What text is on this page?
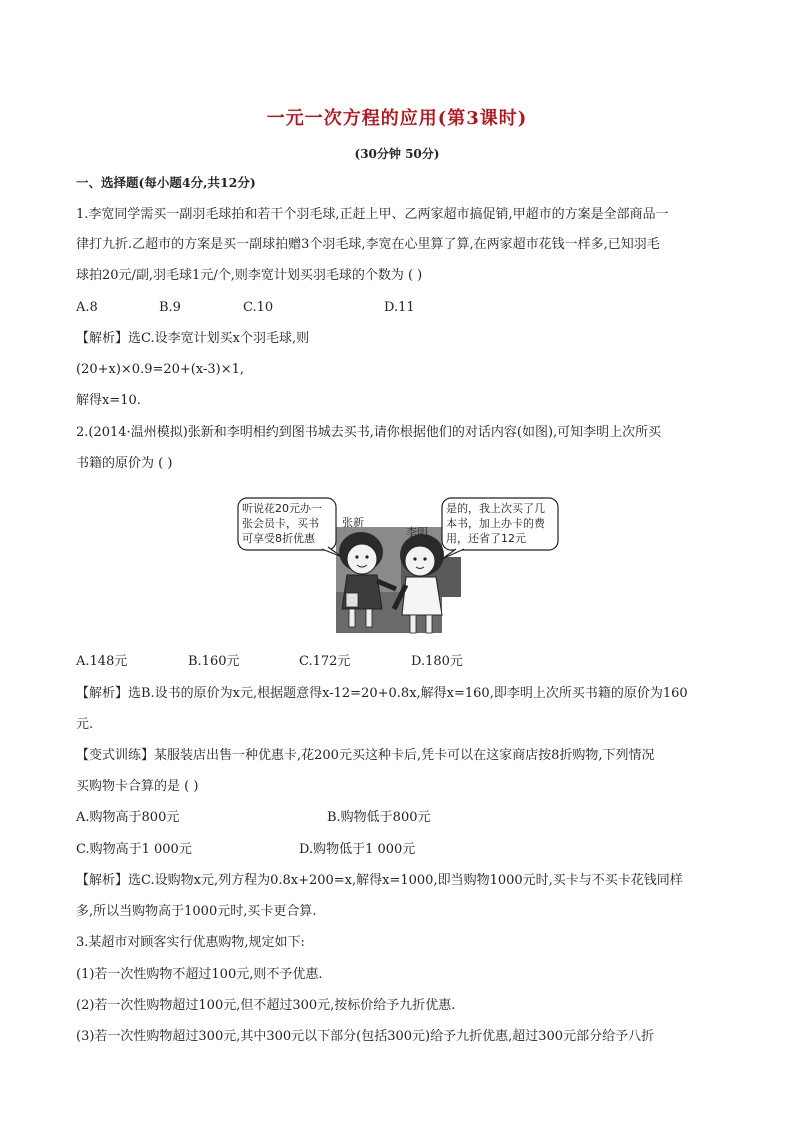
一元一次方程的应用(第3课时)
(30分钟 50分)
一、选择题(每小题4分,共12分)
1.李宽同学需买一副羽毛球拍和若干个羽毛球,正赶上甲、乙两家超市搞促销,甲超市的方案是全部商品一
律打九折.乙超市的方案是买一副球拍赠3个羽毛球,李宽在心里算了算,在两家超市花钱一样多,已知羽毛
球拍20元/副,羽毛球1元/个,则李宽计划买羽毛球的个数为 ( )
A.8	B.9	C.10	D.11
【解析】选C.设李宽计划买x个羽毛球,则
(20+x)×0.9=20+(x-3)×1,
解得x=10.
2.(2014·温州模拟)张新和李明相约到图书城去买书,请你根据他们的对话内容(如图),可知李明上次所买
书籍的原价为 ( )
听说花20元办一
张会员卡，买书
可享受8折优惠
是的，我上次买了几
本书，加上办卡的费
用，还省了12元
张新
李明
A.148元	B.160元	C.172元	D.180元
【解析】选B.设书的原价为x元,根据题意得x-12=20+0.8x,解得x=160,即李明上次所买书籍的原价为160
元.
【变式训练】某服装店出售一种优惠卡,花200元买这种卡后,凭卡可以在这家商店按8折购物,下列情况
买购物卡合算的是 ( )
A.购物高于800元	B.购物低于800元
C.购物高于1 000元	D.购物低于1 000元
【解析】选C.设购物x元,列方程为0.8x+200=x,解得x=1000,即当购物1000元时,买卡与不买卡花钱同样
多,所以当购物高于1000元时,买卡更合算.
3.某超市对顾客实行优惠购物,规定如下:
(1)若一次性购物不超过100元,则不予优惠.
(2)若一次性购物超过100元,但不超过300元,按标价给予九折优惠.
(3)若一次性购物超过300元,其中300元以下部分(包括300元)给予九折优惠,超过300元部分给予八折
